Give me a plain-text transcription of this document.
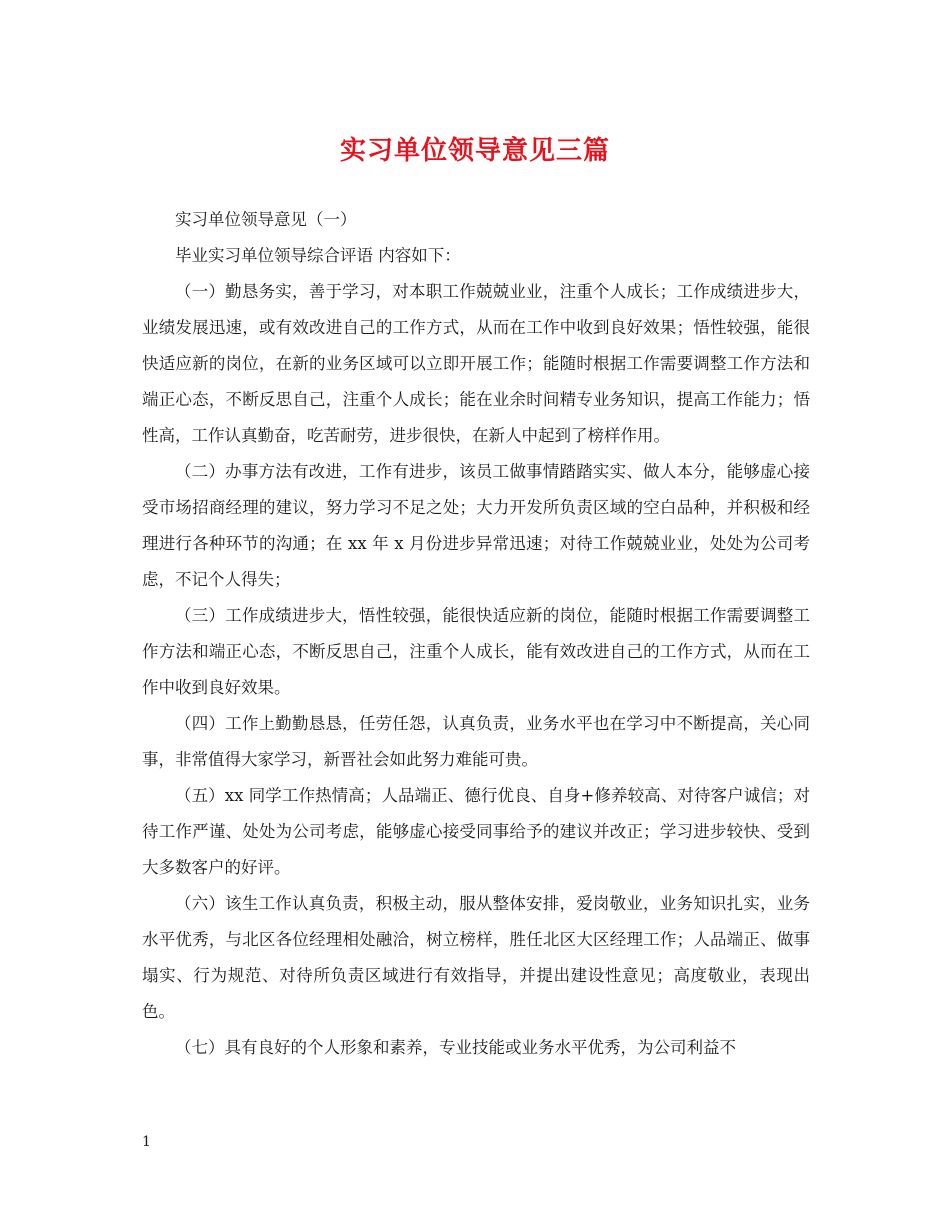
实习单位领导意见三篇

实习单位领导意见（一）

毕业实习单位领导综合评语 内容如下：

（一）勤恳务实，善于学习，对本职工作兢兢业业，注重个人成长；工作成绩进步大，业绩发展迅速，或有效改进自己的工作方式，从而在工作中收到良好效果；悟性较强，能很快适应新的岗位，在新的业务区域可以立即开展工作；能随时根据工作需要调整工作方法和端正心态，不断反思自己，注重个人成长；能在业余时间精专业务知识，提高工作能力；悟性高，工作认真勤奋，吃苦耐劳，进步很快，在新人中起到了榜样作用。

（二）办事方法有改进，工作有进步，该员工做事情踏踏实实、做人本分，能够虚心接受市场招商经理的建议，努力学习不足之处；大力开发所负责区域的空白品种，并积极和经理进行各种环节的沟通；在 xx 年 x 月份进步异常迅速；对待工作兢兢业业，处处为公司考虑，不记个人得失；

（三）工作成绩进步大，悟性较强，能很快适应新的岗位，能随时根据工作需要调整工作方法和端正心态，不断反思自己，注重个人成长，能有效改进自己的工作方式，从而在工作中收到良好效果。

（四）工作上勤勤恳恳，任劳任怨，认真负责，业务水平也在学习中不断提高，关心同事，非常值得大家学习，新晋社会如此努力难能可贵。

（五）xx 同学工作热情高；人品端正、德行优良、自身+修养较高、对待客户诚信；对待工作严谨、处处为公司考虑，能够虚心接受同事给予的建议并改正；学习进步较快、受到大多数客户的好评。

（六）该生工作认真负责，积极主动，服从整体安排，爱岗敬业，业务知识扎实，业务水平优秀，与北区各位经理相处融洽，树立榜样，胜任北区大区经理工作；人品端正、做事塌实、行为规范、对待所负责区域进行有效指导，并提出建设性意见；高度敬业，表现出色。

（七）具有良好的个人形象和素养，专业技能或业务水平优秀，为公司利益不

1
